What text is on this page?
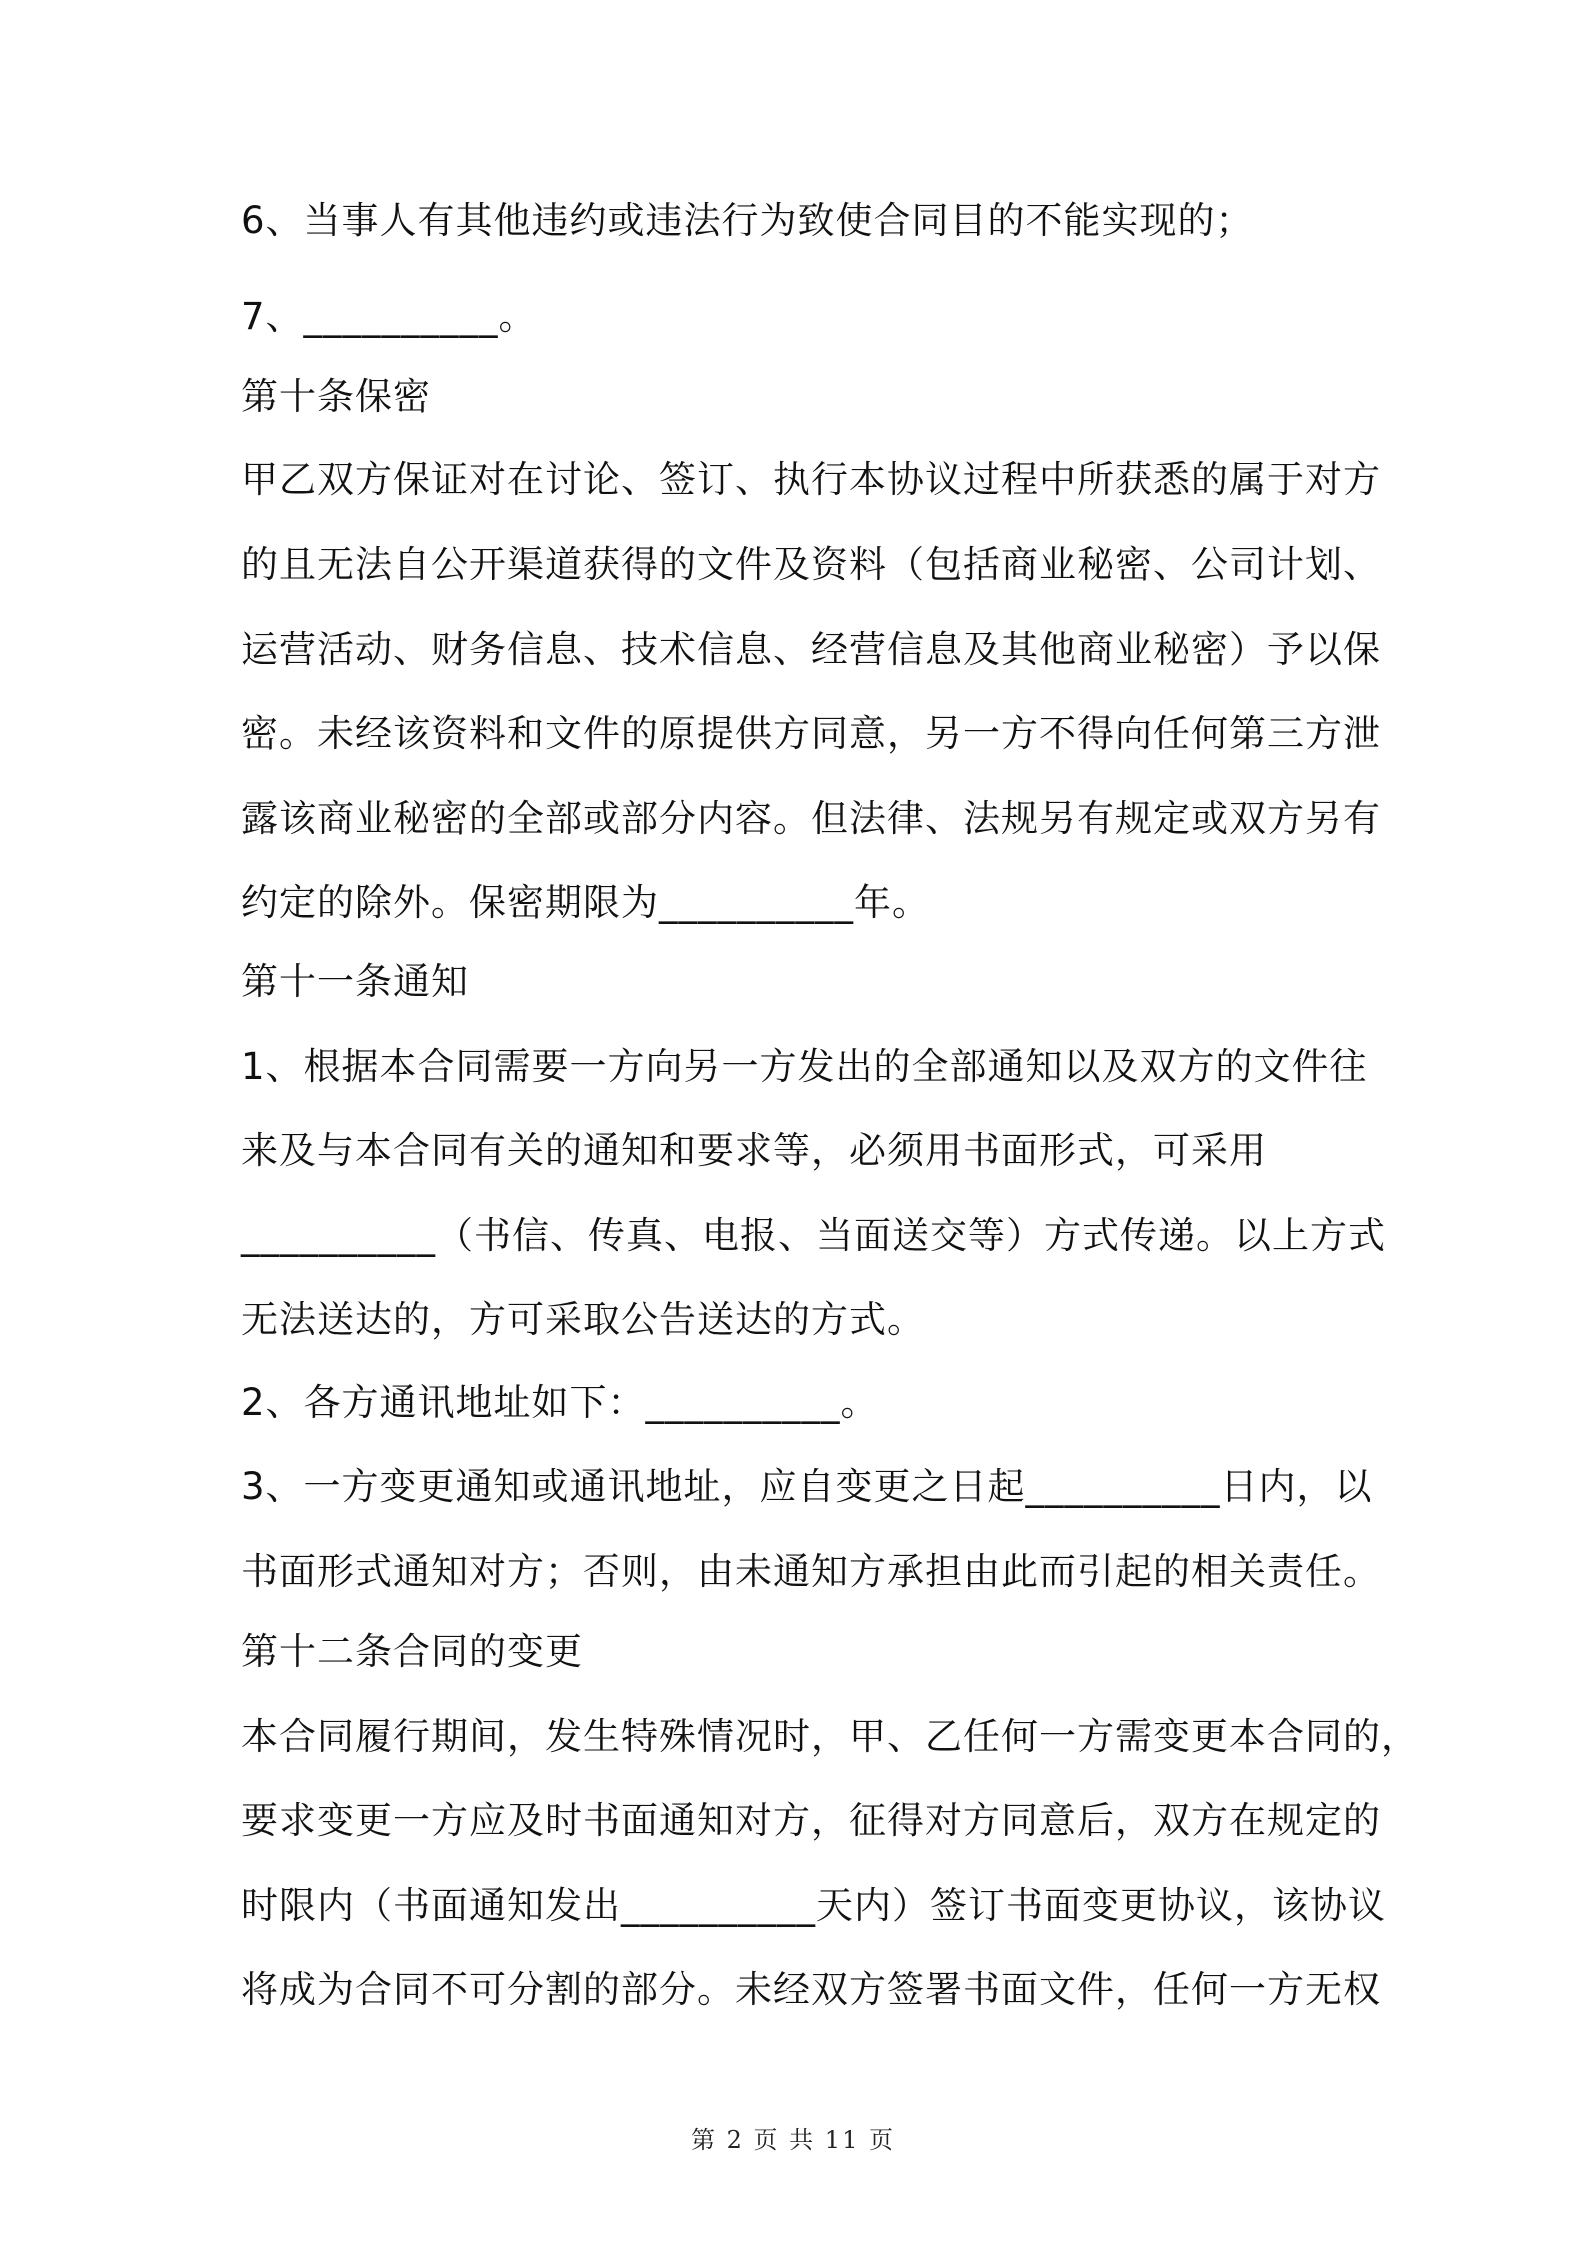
6、当事人有其他违约或违法行为致使合同目的不能实现的；
7、__________。
第十条保密
甲乙双方保证对在讨论、签订、执行本协议过程中所获悉的属于对方
的且无法自公开渠道获得的文件及资料（包括商业秘密、公司计划、
运营活动、财务信息、技术信息、经营信息及其他商业秘密）予以保
密。未经该资料和文件的原提供方同意，另一方不得向任何第三方泄
露该商业秘密的全部或部分内容。但法律、法规另有规定或双方另有
约定的除外。保密期限为__________年。
第十一条通知
1、根据本合同需要一方向另一方发出的全部通知以及双方的文件往
来及与本合同有关的通知和要求等，必须用书面形式，可采用
__________（书信、传真、电报、当面送交等）方式传递。以上方式
无法送达的，方可采取公告送达的方式。
2、各方通讯地址如下：__________。
3、一方变更通知或通讯地址，应自变更之日起__________日内，以
书面形式通知对方；否则，由未通知方承担由此而引起的相关责任。
第十二条合同的变更
本合同履行期间，发生特殊情况时，甲、乙任何一方需变更本合同的，
要求变更一方应及时书面通知对方，征得对方同意后，双方在规定的
时限内（书面通知发出__________天内）签订书面变更协议，该协议
将成为合同不可分割的部分。未经双方签署书面文件，任何一方无权
第 2 页 共 11 页
